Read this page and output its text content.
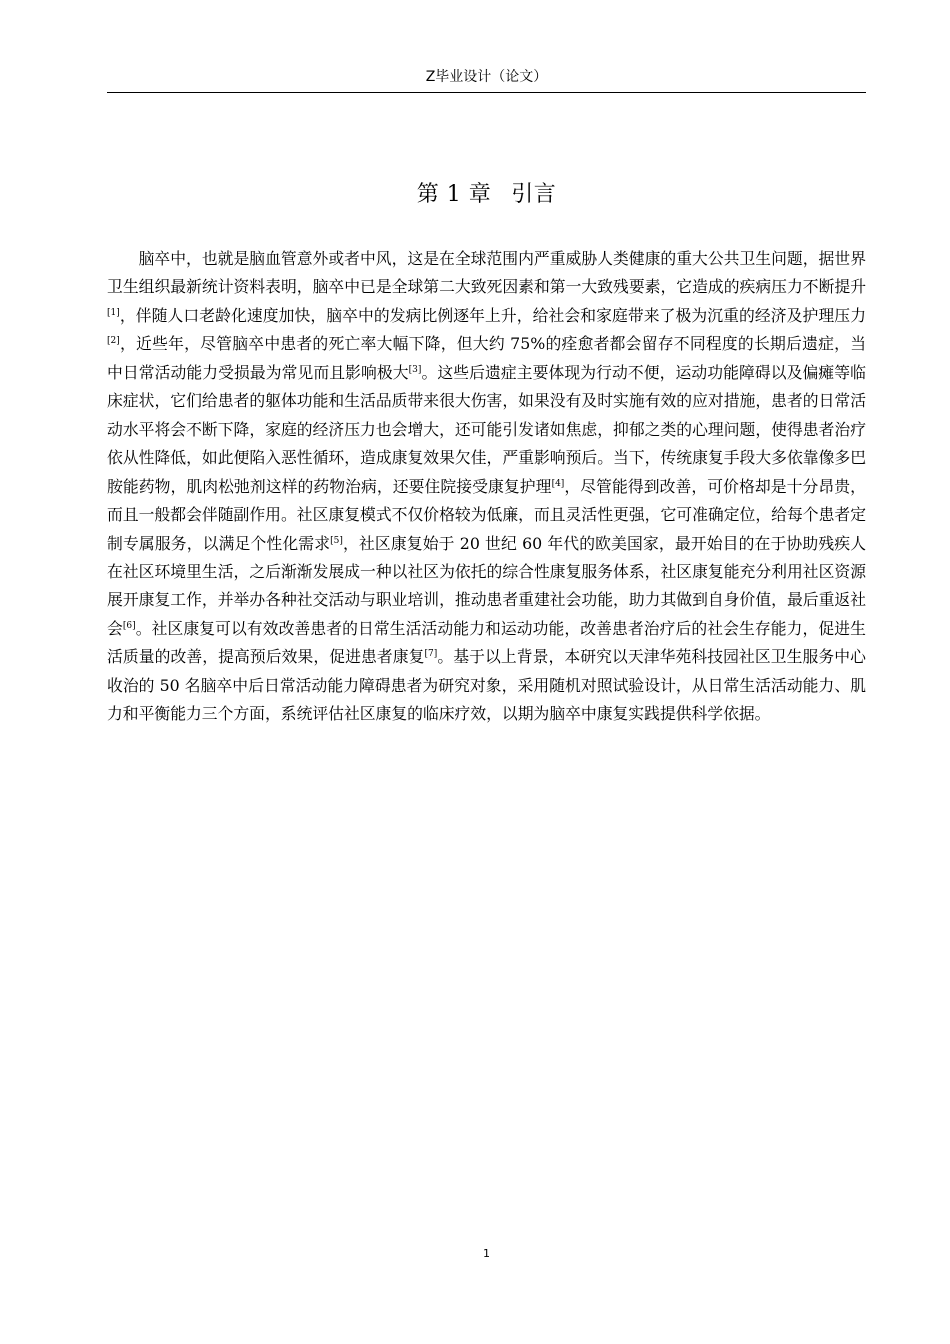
Z毕业设计（论文）
第 1 章 引言

脑卒中，也就是脑血管意外或者中风，这是在全球范围内严重威胁人类健康的重大公共卫生问题，据世界卫生组织最新统计资料表明，脑卒中已是全球第二大致死因素和第一大致残要素，它造成的疾病压力不断提升[1]，伴随人口老龄化速度加快，脑卒中的发病比例逐年上升，给社会和家庭带来了极为沉重的经济及护理压力[2]，近些年，尽管脑卒中患者的死亡率大幅下降，但大约 75%的痊愈者都会留存不同程度的长期后遗症，当中日常活动能力受损最为常见而且影响极大[3]。这些后遗症主要体现为行动不便，运动功能障碍以及偏瘫等临床症状，它们给患者的躯体功能和生活品质带来很大伤害，如果没有及时实施有效的应对措施，患者的日常活动水平将会不断下降，家庭的经济压力也会增大，还可能引发诸如焦虑，抑郁之类的心理问题，使得患者治疗依从性降低，如此便陷入恶性循环，造成康复效果欠佳，严重影响预后。当下，传统康复手段大多依靠像多巴胺能药物，肌肉松弛剂这样的药物治病，还要住院接受康复护理[4]，尽管能得到改善，可价格却是十分昂贵，而且一般都会伴随副作用。社区康复模式不仅价格较为低廉，而且灵活性更强，它可准确定位，给每个患者定制专属服务，以满足个性化需求[5]，社区康复始于 20 世纪 60 年代的欧美国家，最开始目的在于协助残疾人在社区环境里生活，之后渐渐发展成一种以社区为依托的综合性康复服务体系，社区康复能充分利用社区资源展开康复工作，并举办各种社交活动与职业培训，推动患者重建社会功能，助力其做到自身价值，最后重返社会[6]。社区康复可以有效改善患者的日常生活活动能力和运动功能，改善患者治疗后的社会生存能力，促进生活质量的改善，提高预后效果，促进患者康复[7]。基于以上背景，本研究以天津华苑科技园社区卫生服务中心收治的 50 名脑卒中后日常活动能力障碍患者为研究对象，采用随机对照试验设计，从日常生活活动能力、肌力和平衡能力三个方面，系统评估社区康复的临床疗效，以期为脑卒中康复实践提供科学依据。

1
